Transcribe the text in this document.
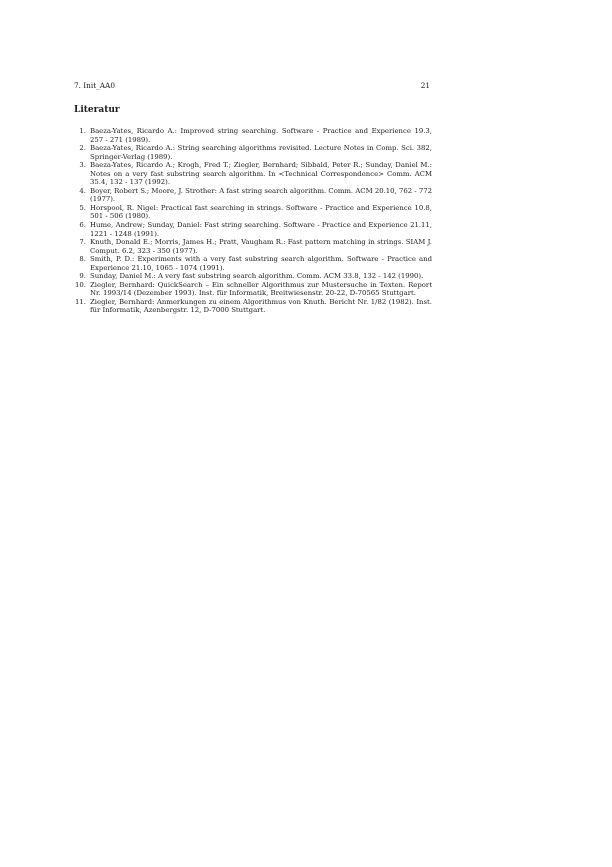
7. Init_AA0	21
Literatur
1. Baeza-Yates, Ricardo A.: Improved string searching. Software - Practice and Experience 19.3, 257 - 271 (1989).
2. Baeza-Yates, Ricardo A.: String searching algorithms revisited. Lecture Notes in Comp. Sci. 382, Springer-Verlag (1989).
3. Baeza-Yates, Ricardo A.; Krogh, Fred T.; Ziegler, Bernhard; Sibbald, Peter R.; Sunday, Daniel M.: Notes on a very fast substring search algorithm. In <Technical Correspondence> Comm. ACM 35.4, 132 - 137 (1992).
4. Boyer, Robert S.; Moore, J. Strother: A fast string search algorithm. Comm. ACM 20.10, 762 - 772 (1977).
5. Horspool, R. Nigel: Practical fast searching in strings. Software - Practice and Experience 10.8, 501 - 506 (1980).
6. Hume, Andrew; Sunday, Daniel: Fast string searching. Software - Practice and Experience 21.11, 1221 - 1248 (1991).
7. Knuth, Donald E.; Morris, James H.; Pratt, Vaugham R.: Fast pattern matching in strings. SIAM J. Comput. 6.2, 323 - 350 (1977).
8. Smith, P. D.: Experiments with a very fast substring search algorithm. Software - Practice and Experience 21.10, 1065 - 1074 (1991).
9. Sunday, Daniel M.: A very fast substring search algorithm. Comm. ACM 33.8, 132 - 142 (1990).
10. Ziegler, Bernhard: QuickSearch – Ein schneller Algorithmus zur Mustersuche in Texten. Report Nr. 1993/14 (Dezember 1993). Inst. für Informatik, Breitwiesenstr. 20-22, D-70565 Stuttgart.
11. Ziegler, Bernhard: Anmerkungen zu einem Algorithmus von Knuth. Bericht Nr. 1/82 (1982). Inst. für Informatik, Azenbergstr. 12, D-7000 Stuttgart.
